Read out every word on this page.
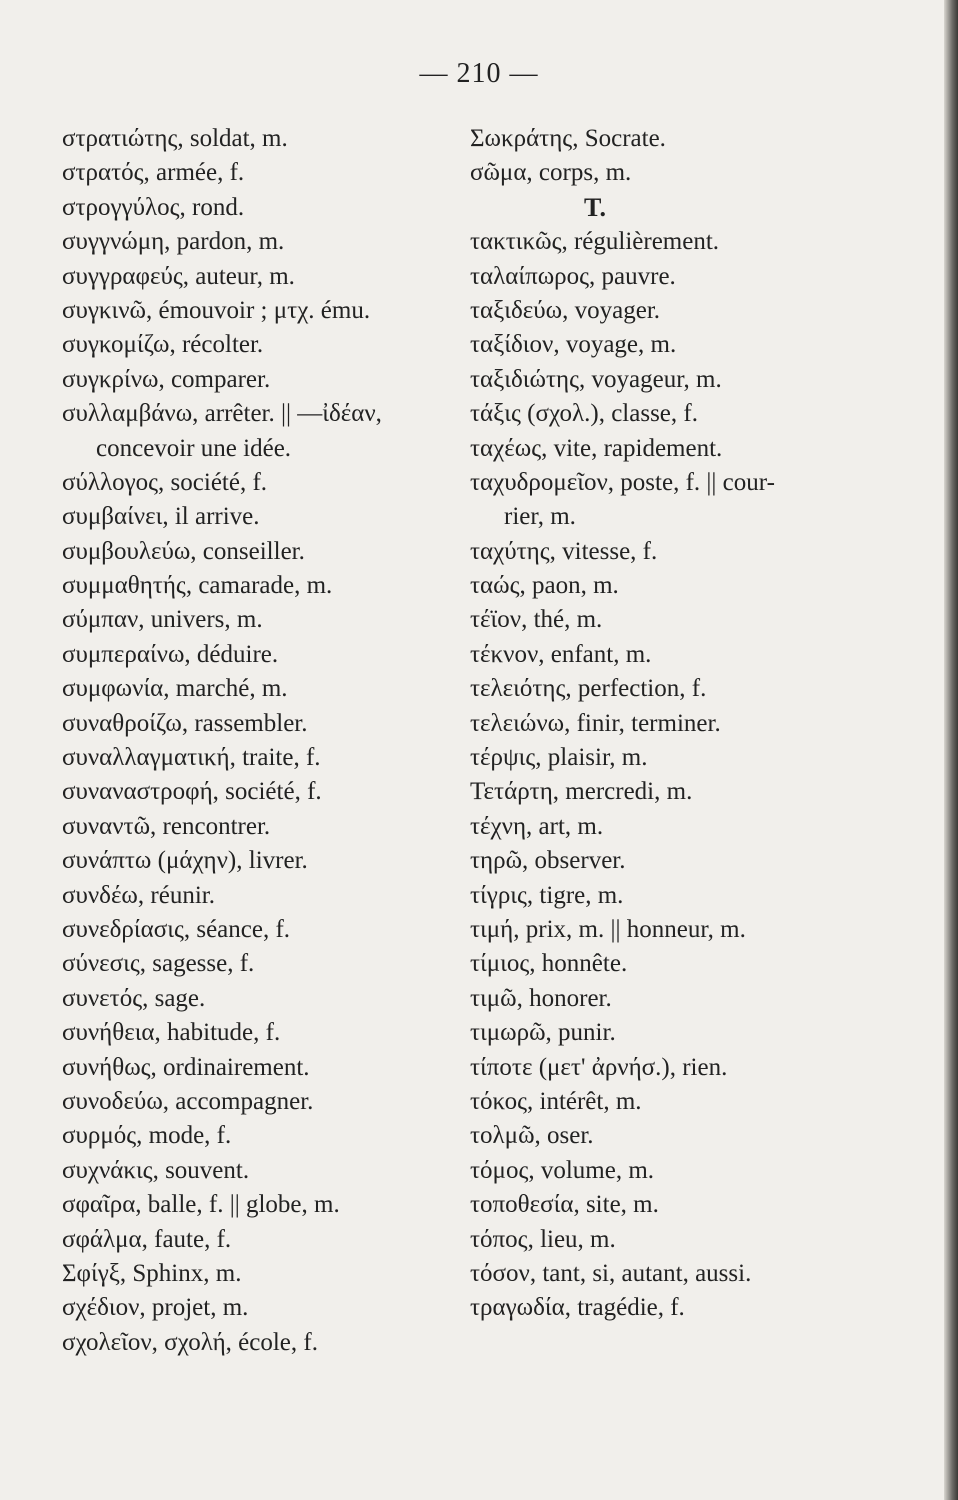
— 210 —
στρατιώτης, soldat, m.
στρατός, armée, f.
στρογγύλος, rond.
συγγνώμη, pardon, m.
συγγραφεύς, auteur, m.
συγκινῶ, émouvoir ; μτχ. ému.
συγκομίζω, récolter.
συγκρίνω, comparer.
συλλαμβάνω, arrêter. || —ἰδέαν,
concevoir une idée.
σύλλογος, société, f.
συμβαίνει, il arrive.
συμβουλεύω, conseiller.
συμμαθητής, camarade, m.
σύμπαν, univers, m.
συμπεραίνω, déduire.
συμφωνία, marché, m.
συναθροίζω, rassembler.
συναλλαγματική, traite, f.
συναναστροφή, société, f.
συναντῶ, rencontrer.
συνάπτω (μάχην), livrer.
συνδέω, réunir.
συνεδρίασις, séance, f.
σύνεσις, sagesse, f.
συνετός, sage.
συνήθεια, habitude, f.
συνήθως, ordinairement.
συνοδεύω, accompagner.
συρμός, mode, f.
συχνάκις, souvent.
σφαῖρα, balle, f. || globe, m.
σφάλμα, faute, f.
Σφίγξ, Sphinx, m.
σχέδιον, projet, m.
σχολεῖον, σχολή, école, f.
Σωκράτης, Socrate.
σῶμα, corps, m.
T.
τακτικῶς, régulièrement.
ταλαίπωρος, pauvre.
ταξιδεύω, voyager.
ταξίδιον, voyage, m.
ταξιδιώτης, voyageur, m.
τάξις (σχολ.), classe, f.
ταχέως, vite, rapidement.
ταχυδρομεῖον, poste, f. || cour-
rier, m.
ταχύτης, vitesse, f.
ταώς, paon, m.
τέϊον, thé, m.
τέκνον, enfant, m.
τελειότης, perfection, f.
τελειώνω, finir, terminer.
τέρψις, plaisir, m.
Τετάρτη, mercredi, m.
τέχνη, art, m.
τηρῶ, observer.
τίγρις, tigre, m.
τιμή, prix, m. || honneur, m.
τίμιος, honnête.
τιμῶ, honorer.
τιμωρῶ, punir.
τίποτε (μετ' ἀρνήσ.), rien.
τόκος, intérêt, m.
τολμῶ, oser.
τόμος, volume, m.
τοποθεσία, site, m.
τόπος, lieu, m.
τόσον, tant, si, autant, aussi.
τραγωδία, tragédie, f.
